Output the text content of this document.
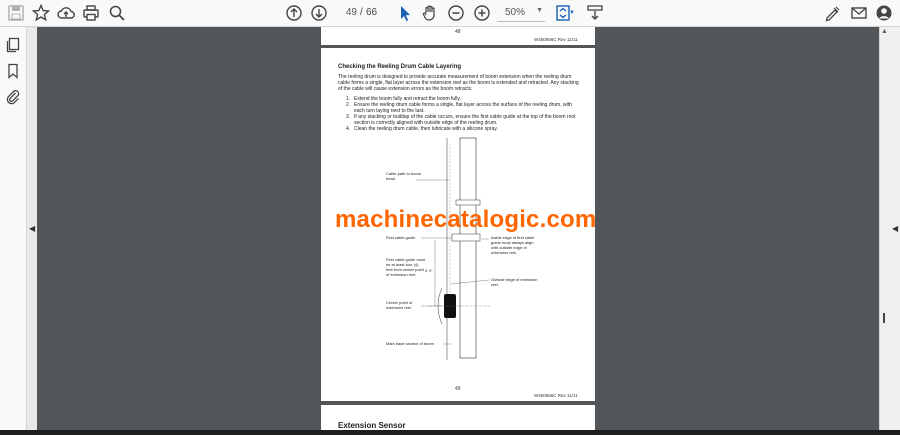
49 / 66	50% ▼	▼
◀
▲
◀
48
W450656C Rev 11/11
Checking the Reeling Drum Cable Layering
The reeling drum is designed to provide accurate measurement of boom extension when the reeling drum cable forms a single, flat layer across the extension reel as the boom is extended and retracted. Any stacking of the cable will cause extension errors as the boom retracts.
1. Extend the boom fully and retract the boom fully.
2. Ensure the reeling drum cable forms a single, flat layer across the surface of the reeling drum, with each turn laying next to the last.
3. If any stacking or buildup of the cable occurs, ensure the first cable guide at the top of the boom root section is correctly aligned with outside edge of the reeling drum.
4. Clean the reeling drum cable, then lubricate with a silicone spray.
Cable path to boom head
First cable guide	Inside edge of first cable guide must always align with outside edge of extension reel.
First cable guide must be at least four (4) feet from center point of extension reel.
4' 0"
Outside edge of extension reel.
Center point of extension reel.
Main base section of boom
49
W450656C Rev 11/11
machinecatalogic.com
Extension Sensor
